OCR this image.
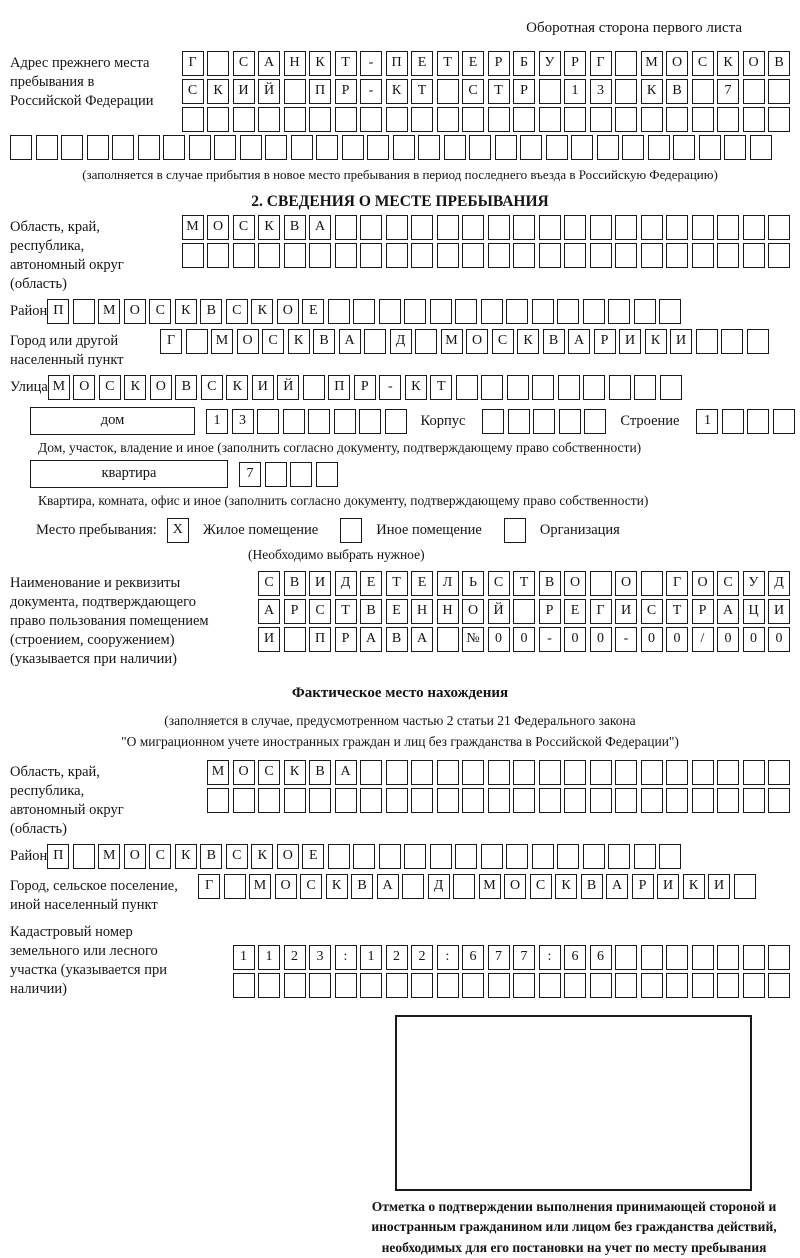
Оборотная сторона первого листа
Адрес прежнего места пребывания в Российской Федерации
Г	С	А	Н	К	Т	-	П	Е	Т	Е	Р	Б	У	Р	Г	М	О	С	К	О	В
С	К	И	Й	П	Р	-	К	Т	С	Т	Р	1	3	К	В	7
(заполняется в случае прибытия в новое место пребывания в период последнего въезда в Российскую Федерацию)
2. СВЕДЕНИЯ О МЕСТЕ ПРЕБЫВАНИЯ
Область, край, республика, автономный округ (область)
М	О	С	К	В	А
Район П	М	О	С	К	В	С	К	О	Е
Город или другой населенный пункт
Г	М	О	С	К	В	А	Д	М	О	С	К	В	А	Р	И	К	И
Улица М	О	С	К	О	В	С	К	И	Й	П	Р	-	К	Т
дом	1	3	Корпус	Строение	1
Дом, участок, владение и иное (заполнить согласно документу, подтверждающему право собственности)
квартира	7
Квартира, комната, офис и иное (заполнить согласно документу, подтверждающему право собственности)
Место пребывания:	X	Жилое помещение	Иное помещение	Организация
(Необходимо выбрать нужное)
Наименование и реквизиты документа, подтверждающего право пользования помещением (строением, сооружением) (указывается при наличии)
С	В	И	Д	Е	Т	Е	Л	Ь	С	Т	В	О	О	Г	О	С	У	Д
А	Р	С	Т	В	Е	Н	Н	О	Й	Р	Е	Г	И	С	Т	Р	А	Ц	И
И	П	Р	А	В	А	№	0	0	-	0	0	-	0	0	/	0	0	0
Фактическое место нахождения
(заполняется в случае, предусмотренном частью 2 статьи 21 Федерального закона
"О миграционном учете иностранных граждан и лиц без гражданства в Российской Федерации")
Область, край, республика, автономный округ (область)
М	О	С	К	В	А
Район П	М	О	С	К	В	С	К	О	Е
Город, сельское поселение, иной населенный пункт
Г	М	О	С	К	В	А	Д	М	О	С	К	В	А	Р	И	К	И
Кадастровый номер земельного или лесного участка (указывается при наличии)
1	1	2	3	:	1	2	2	:	6	7	7	:	6	6
Отметка о подтверждении выполнения принимающей стороной и иностранным гражданином или лицом без гражданства действий, необходимых для его постановки на учет по месту пребывания
